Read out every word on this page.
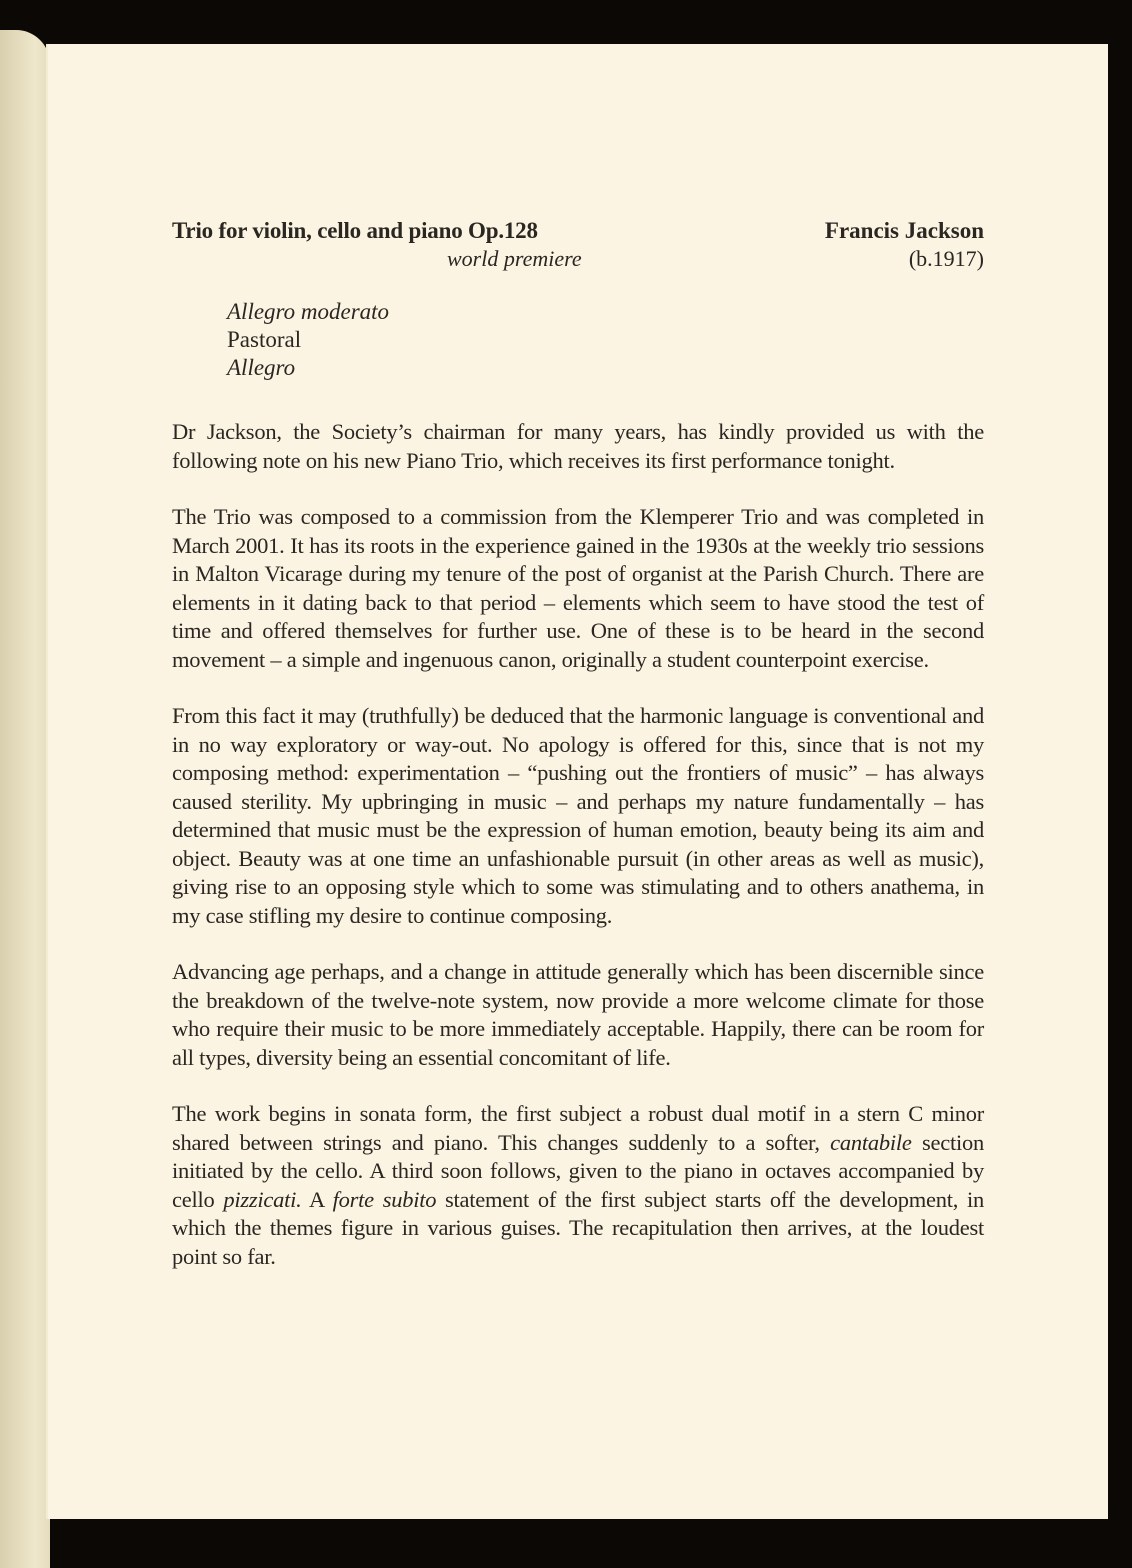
Trio for violin, cello and piano Op.128
world premiere
Francis Jackson
(b.1917)
Allegro moderato
Pastoral
Allegro

Dr Jackson, the Society’s chairman for many years, has kindly provided us with the following note on his new Piano Trio, which receives its first performance tonight.

The Trio was composed to a commission from the Klemperer Trio and was completed in March 2001. It has its roots in the experience gained in the 1930s at the weekly trio sessions in Malton Vicarage during my tenure of the post of organist at the Parish Church. There are elements in it dating back to that period – elements which seem to have stood the test of time and offered themselves for further use. One of these is to be heard in the second movement – a simple and ingenuous canon, originally a student counterpoint exercise.

From this fact it may (truthfully) be deduced that the harmonic language is conventional and in no way exploratory or way-out. No apology is offered for this, since that is not my composing method: experimentation – “pushing out the frontiers of music” – has always caused sterility. My upbringing in music – and perhaps my nature fundamentally – has determined that music must be the expression of human emotion, beauty being its aim and object. Beauty was at one time an unfashionable pursuit (in other areas as well as music), giving rise to an opposing style which to some was stimulating and to others anathema, in my case stifling my desire to continue composing.

Advancing age perhaps, and a change in attitude generally which has been discernible since the breakdown of the twelve-note system, now provide a more welcome climate for those who require their music to be more immediately acceptable. Happily, there can be room for all types, diversity being an essential concomitant of life.

The work begins in sonata form, the first subject a robust dual motif in a stern C minor shared between strings and piano. This changes suddenly to a softer, cantabile section initiated by the cello. A third soon follows, given to the piano in octaves accompanied by cello pizzicati. A forte subito statement of the first subject starts off the development, in which the themes figure in various guises. The recapitulation then arrives, at the loudest point so far.
